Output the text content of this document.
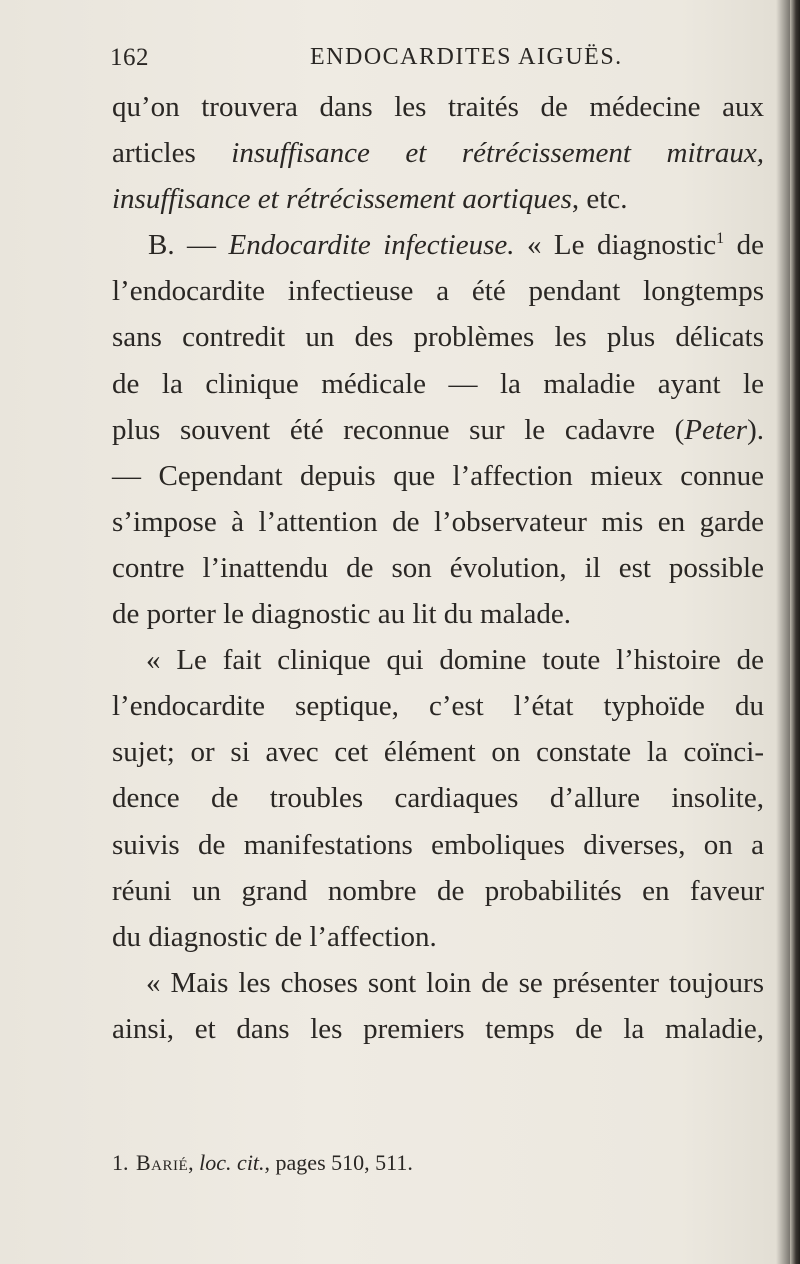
162	ENDOCARDITES AIGUËS.
qu’on trouvera dans les traités de médecine aux
articles insuffisance et rétrécissement mitraux,
insuffisance et rétrécissement aortiques, etc.
B. — Endocardite infectieuse. « Le diagnostic$^1$ de
l’endocardite infectieuse a été pendant longtemps
sans contredit un des problèmes les plus délicats
de la clinique médicale — la maladie ayant le
plus souvent été reconnue sur le cadavre (Peter).
— Cependant depuis que l’affection mieux connue
s’impose à l’attention de l’observateur mis en garde
contre l’inattendu de son évolution, il est possible
de porter le diagnostic au lit du malade.
« Le fait clinique qui domine toute l’histoire de
l’endocardite septique, c’est l’état typhoïde du
sujet; or si avec cet élément on constate la coïnci-
dence de troubles cardiaques d’allure insolite,
suivis de manifestations emboliques diverses, on a
réuni un grand nombre de probabilités en faveur
du diagnostic de l’affection.
« Mais les choses sont loin de se présenter toujours
ainsi, et dans les premiers temps de la maladie,
1. Barié, loc. cit., pages 510, 511.
